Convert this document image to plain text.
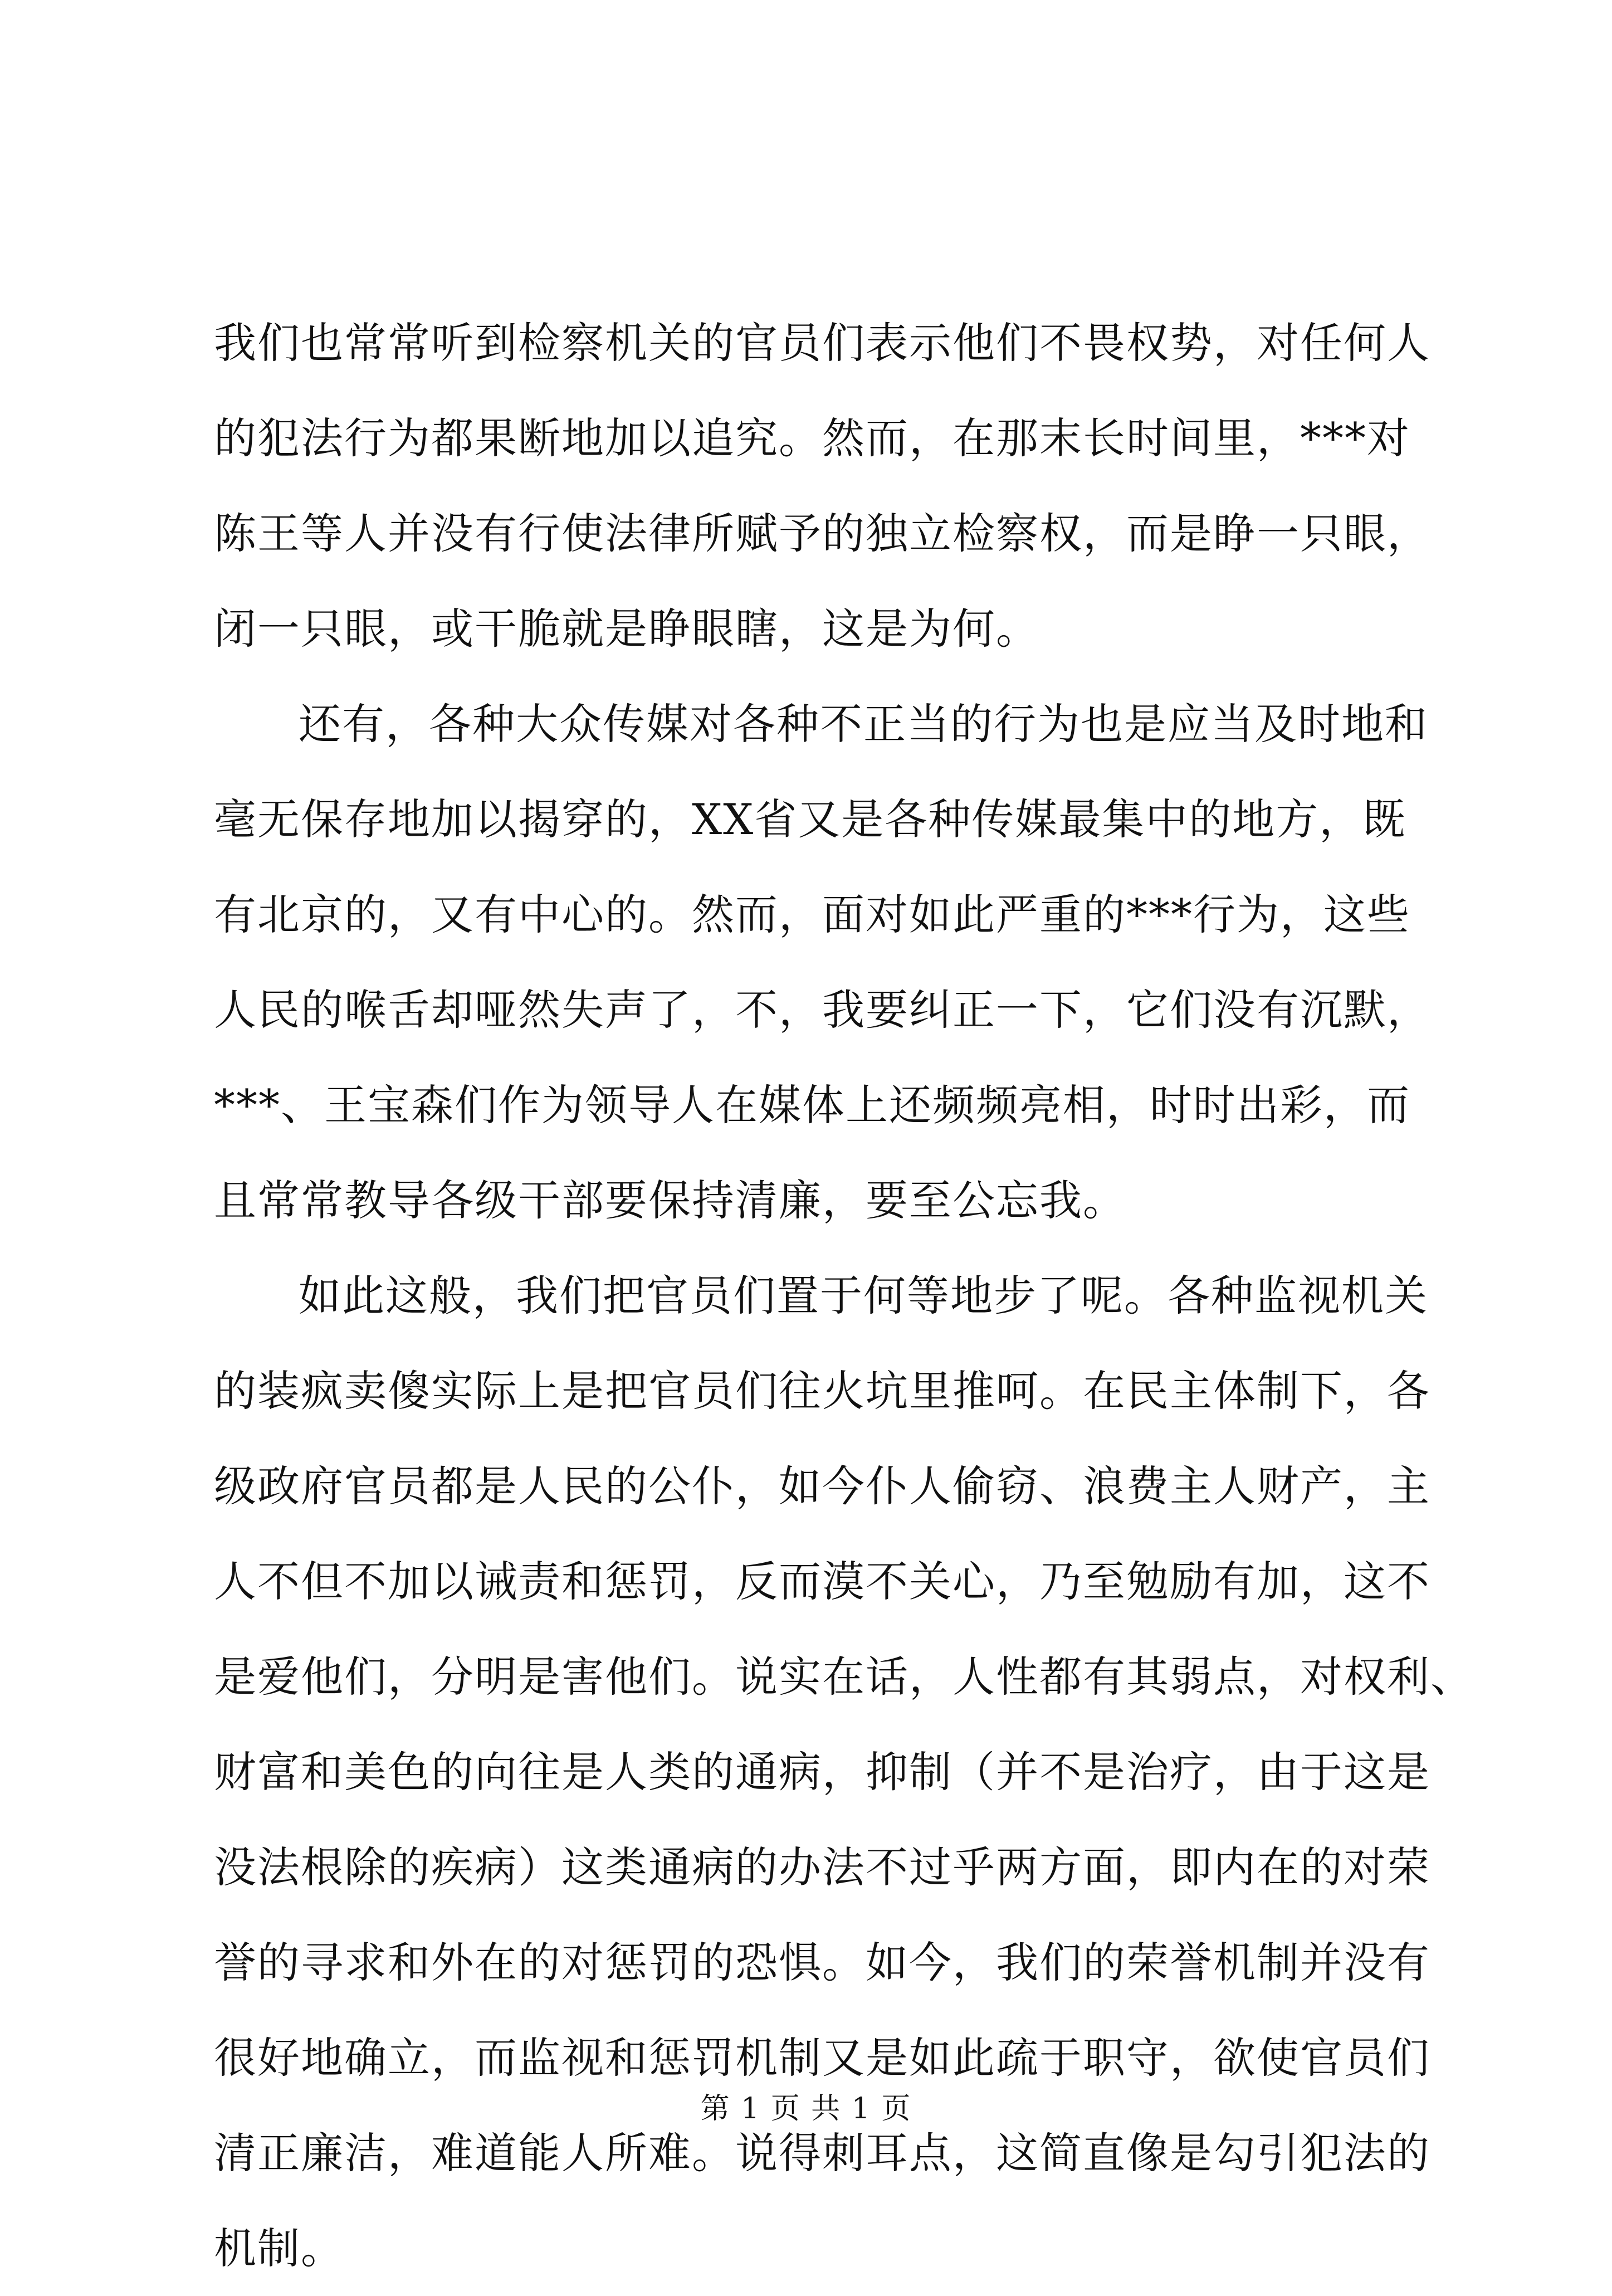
我们也常常听到检察机关的官员们表示他们不畏权势，对任何人
的犯法行为都果断地加以追究。然而，在那末长时间里，***对
陈王等人并没有行使法律所赋予的独立检察权，而是睁一只眼，
闭一只眼，或干脆就是睁眼瞎，这是为何。
还有，各种大众传媒对各种不正当的行为也是应当及时地和
毫无保存地加以揭穿的，XX省又是各种传媒最集中的地方，既
有北京的，又有中心的。然而，面对如此严重的***行为，这些
人民的喉舌却哑然失声了，不，我要纠正一下，它们没有沉默，
***、王宝森们作为领导人在媒体上还频频亮相，时时出彩，而
且常常教导各级干部要保持清廉，要至公忘我。
如此这般，我们把官员们置于何等地步了呢。各种监视机关
的装疯卖傻实际上是把官员们往火坑里推呵。在民主体制下，各
级政府官员都是人民的公仆，如今仆人偷窃、浪费主人财产，主
人不但不加以诫责和惩罚，反而漠不关心，乃至勉励有加，这不
是爱他们，分明是害他们。说实在话，人性都有其弱点，对权利、
财富和美色的向往是人类的通病，抑制（并不是治疗，由于这是
没法根除的疾病）这类通病的办法不过乎两方面，即内在的对荣
誉的寻求和外在的对惩罚的恐惧。如今，我们的荣誉机制并没有
很好地确立，而监视和惩罚机制又是如此疏于职守，欲使官员们
清正廉洁，难道能人所难。说得刺耳点，这简直像是勾引犯法的
机制。
第 1 页 共 1 页
